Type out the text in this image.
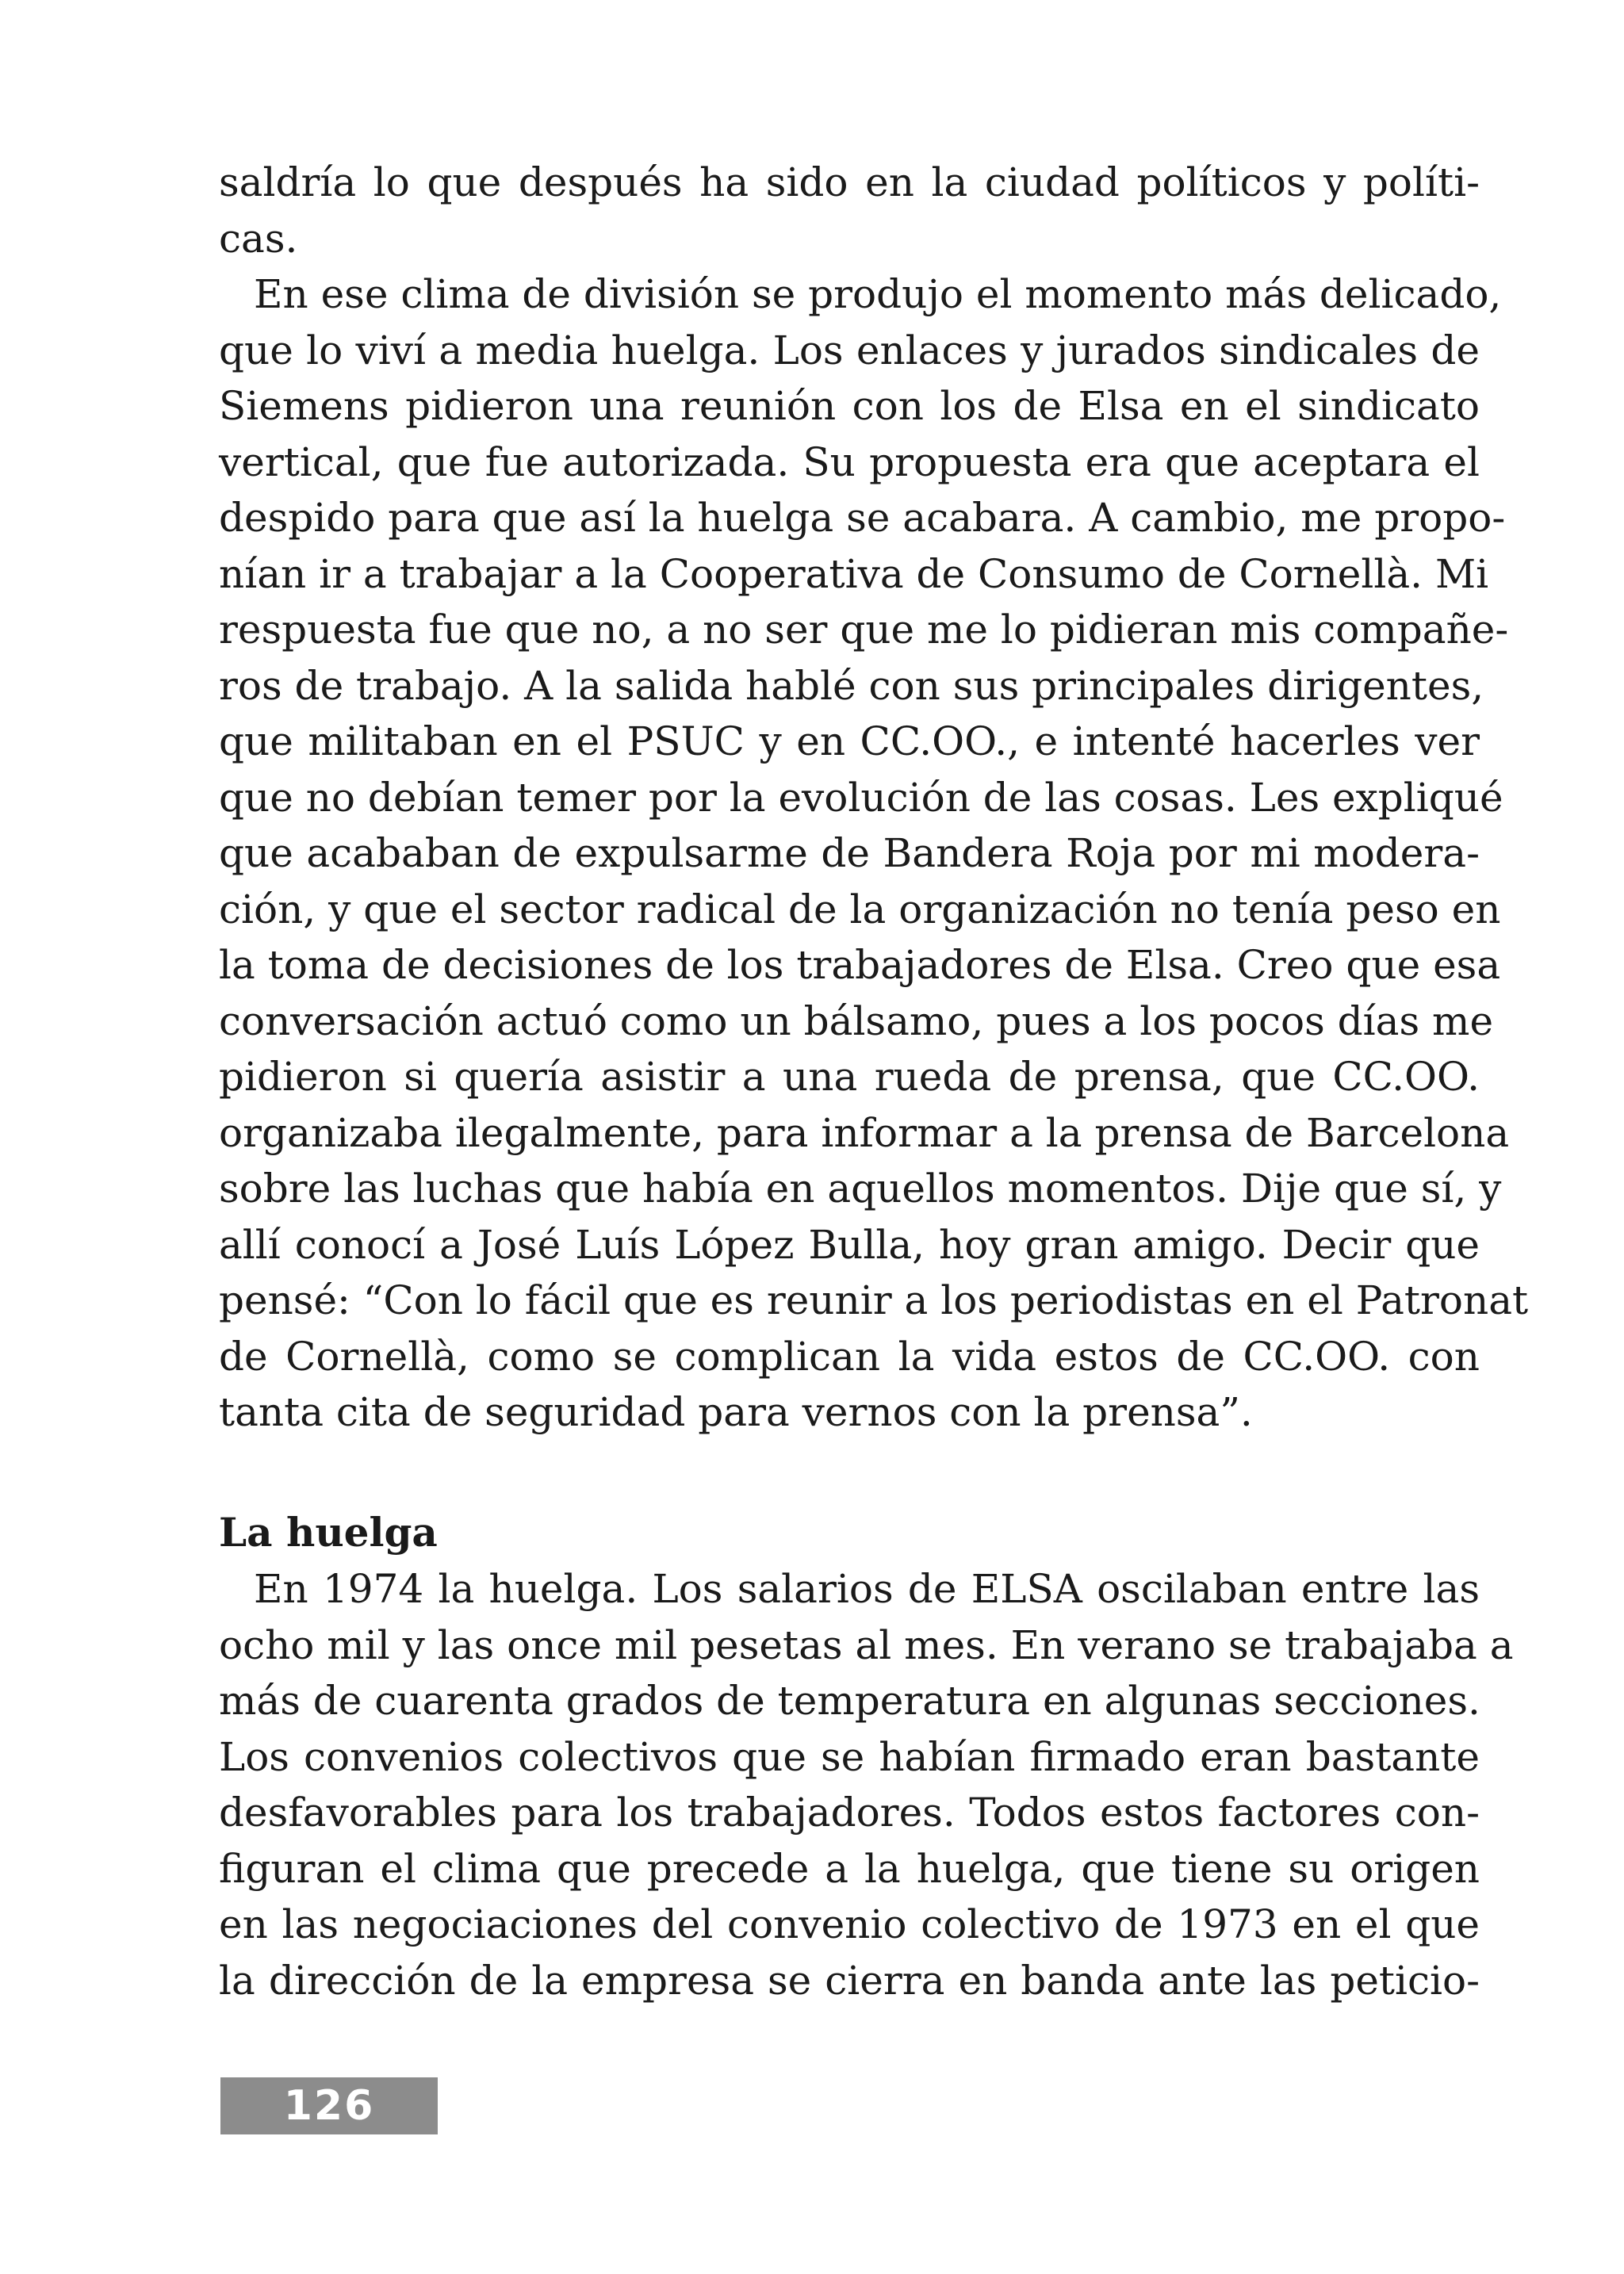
saldría lo que después ha sido en la ciudad políticos y políti-
cas.
En ese clima de división se produjo el momento más delicado,
que lo viví a media huelga. Los enlaces y jurados sindicales de
Siemens pidieron una reunión con los de Elsa en el sindicato
vertical, que fue autorizada. Su propuesta era que aceptara el
despido para que así la huelga se acabara. A cambio, me propo-
nían ir a trabajar a la Cooperativa de Consumo de Cornellà. Mi
respuesta fue que no, a no ser que me lo pidieran mis compañe-
ros de trabajo. A la salida hablé con sus principales dirigentes,
que militaban en el PSUC y en CC.OO., e intenté hacerles ver
que no debían temer por la evolución de las cosas. Les expliqué
que acababan de expulsarme de Bandera Roja por mi modera-
ción, y que el sector radical de la organización no tenía peso en
la toma de decisiones de los trabajadores de Elsa. Creo que esa
conversación actuó como un bálsamo, pues a los pocos días me
pidieron si quería asistir a una rueda de prensa, que CC.OO.
organizaba ilegalmente, para informar a la prensa de Barcelona
sobre las luchas que había en aquellos momentos. Dije que sí, y
allí conocí a José Luís López Bulla, hoy gran amigo. Decir que
pensé: “Con lo fácil que es reunir a los periodistas en el Patronat
de Cornellà, como se complican la vida estos de CC.OO. con
tanta cita de seguridad para vernos con la prensa”.
La huelga
En 1974 la huelga. Los salarios de ELSA oscilaban entre las
ocho mil y las once mil pesetas al mes. En verano se trabajaba a
más de cuarenta grados de temperatura en algunas secciones.
Los convenios colectivos que se habían firmado eran bastante
desfavorables para los trabajadores. Todos estos factores con-
figuran el clima que precede a la huelga, que tiene su origen
en las negociaciones del convenio colectivo de 1973 en el que
la dirección de la empresa se cierra en banda ante las peticio-
126
